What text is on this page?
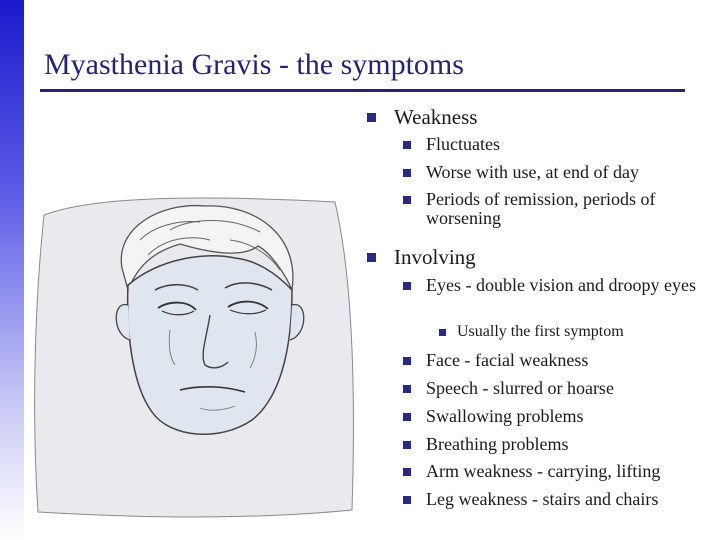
Myasthenia Gravis - the symptoms
Weakness
Fluctuates
Worse with use, at end of day
Periods of remission, periods of worsening
Involving
Eyes - double vision and droopy eyes
Usually the first symptom
Face - facial weakness
Speech - slurred or hoarse
Swallowing problems
Breathing problems
Arm weakness - carrying, lifting
Leg weakness - stairs and chairs
